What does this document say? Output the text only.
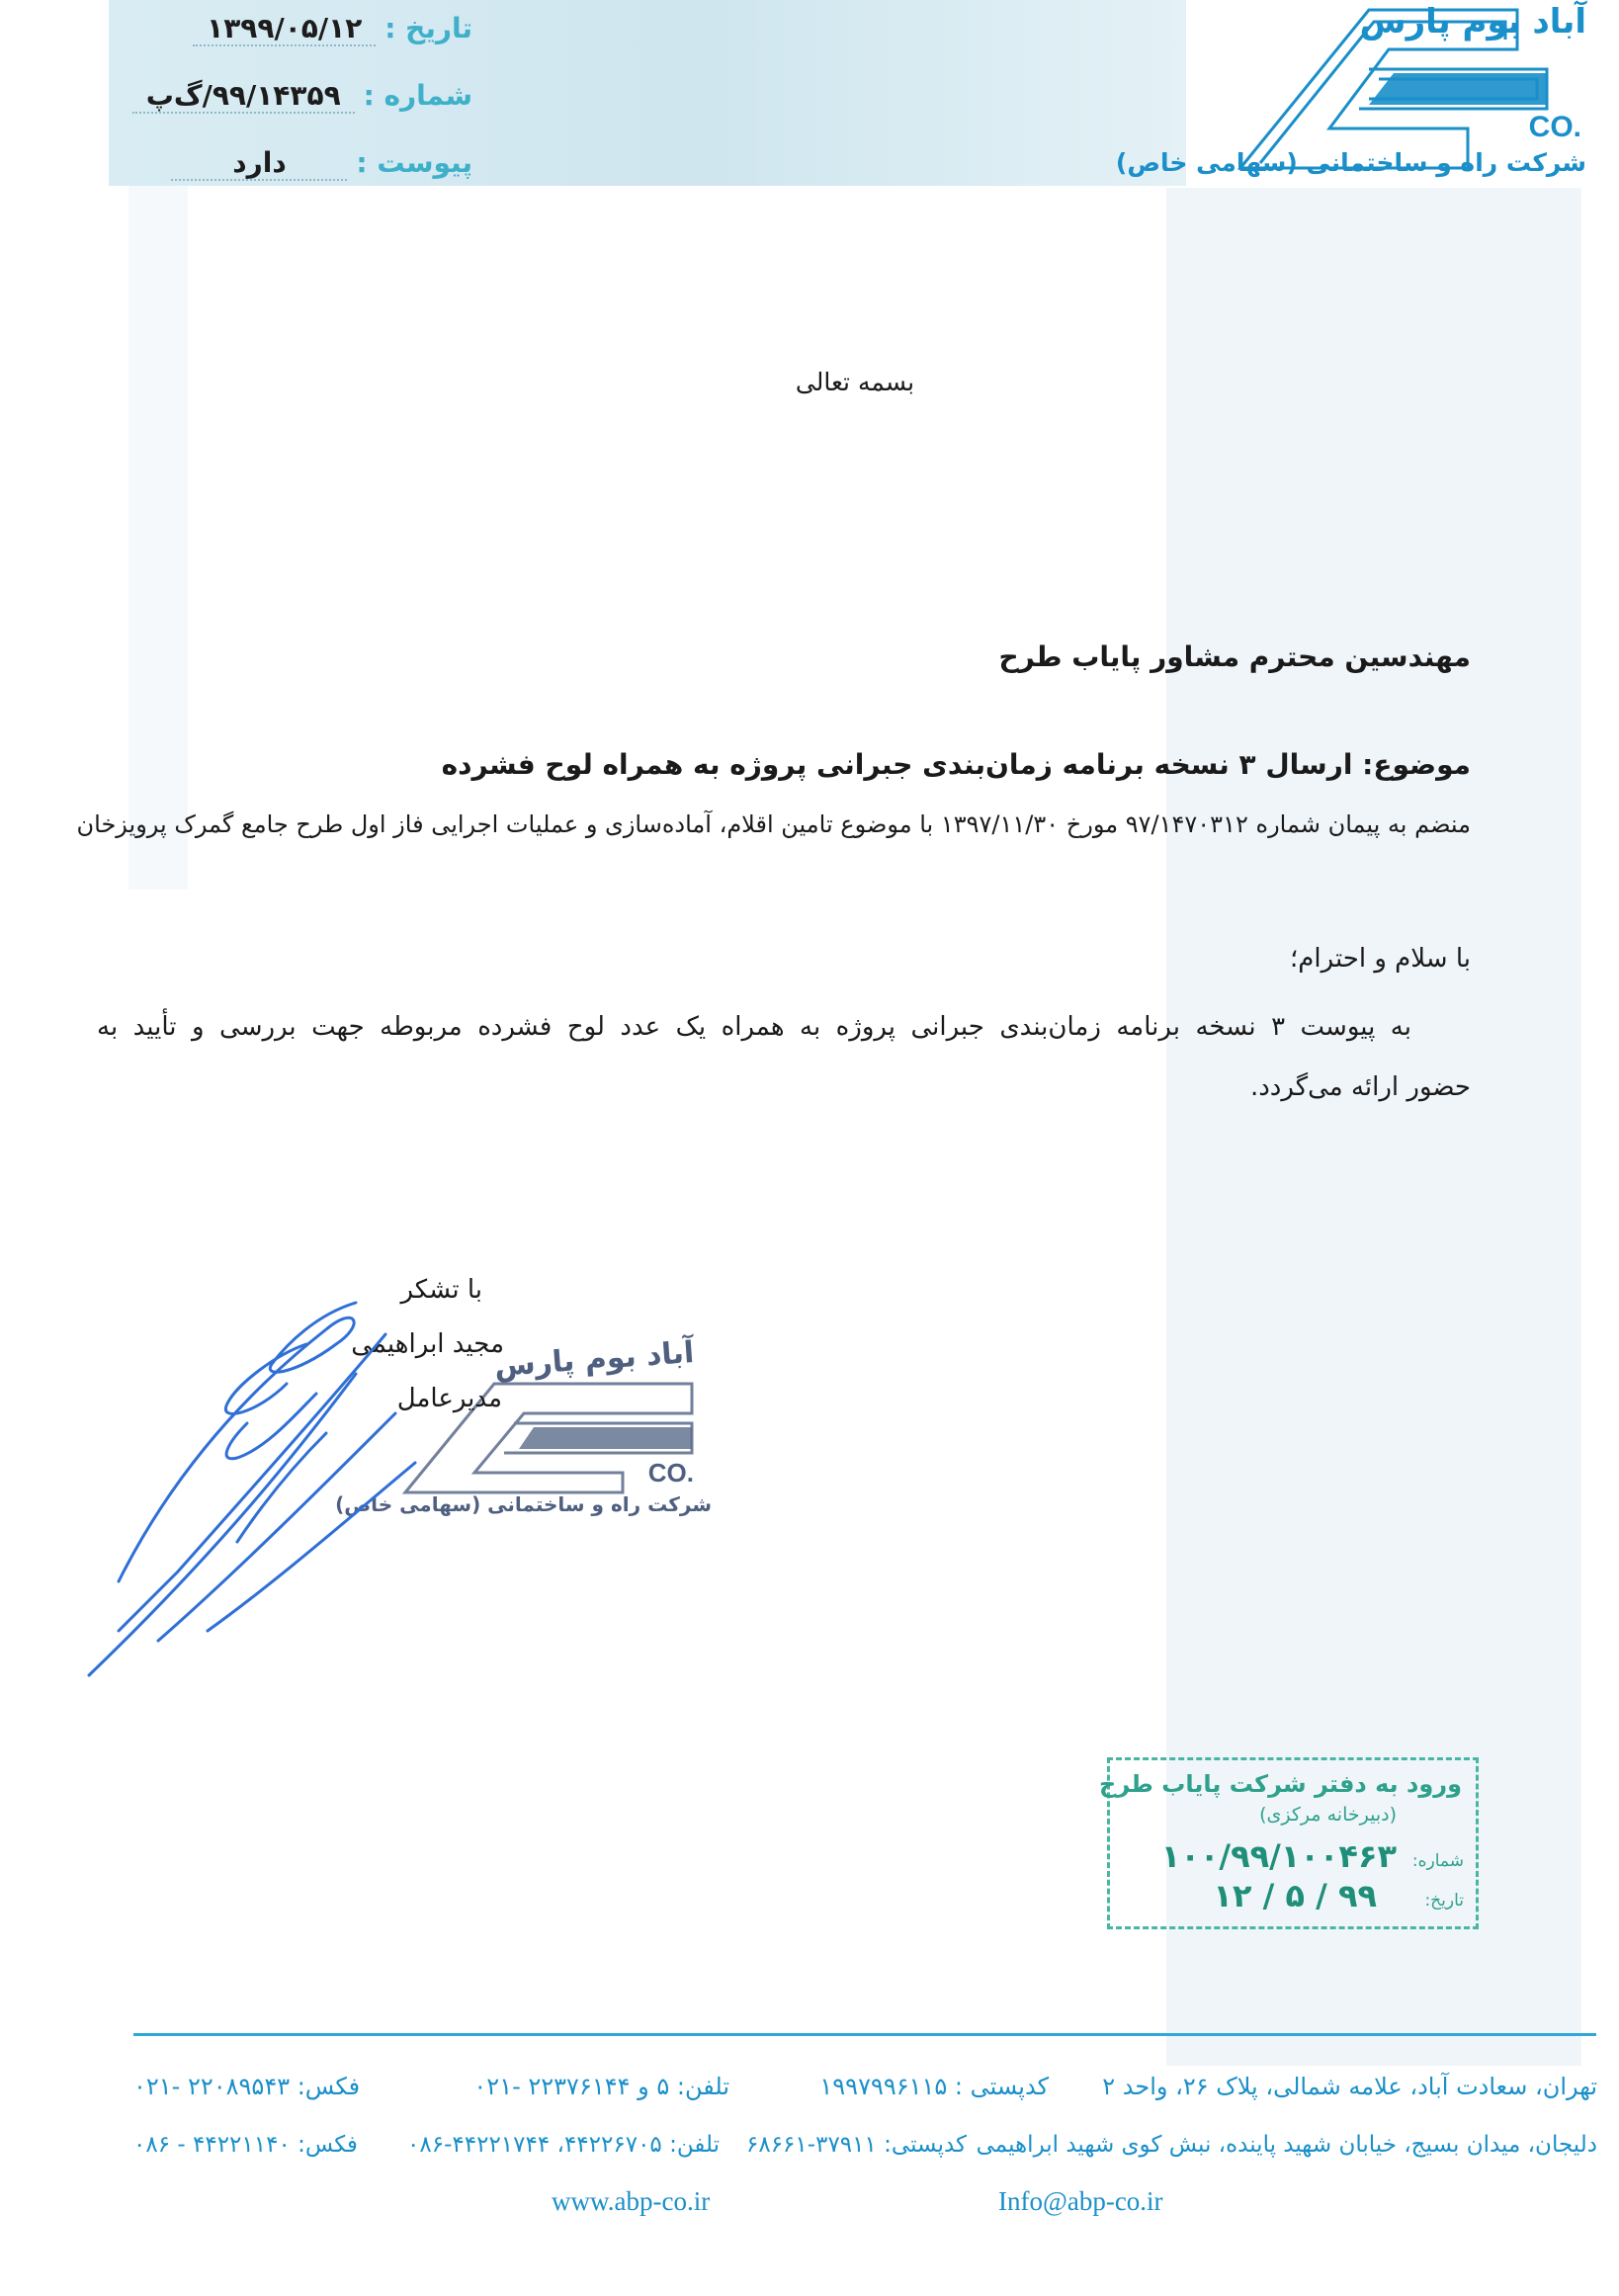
تاریخ : ۱۳۹۹/۰۵/۱۲
شماره : ۹۹/۱۴۳۵۹/گ‌پ
پیوست : دارد
آباد بوم پارس
CO.
شرکت راه و ساختمانی (سهامی خاص)
بسمه تعالی
مهندسین محترم مشاور پایاب طرح
موضوع: ارسال ۳ نسخه برنامه زمان‌بندی جبرانی پروژه به همراه لوح فشرده
منضم به پیمان شماره ۹۷/۱۴۷۰۳۱۲ مورخ ۱۳۹۷/۱۱/۳۰ با موضوع تامین اقلام، آماده‌سازی و عملیات اجرایی فاز اول طرح جامع گمرک پرویزخان
با سلام و احترام؛
به پیوست ۳ نسخه برنامه زمان‌بندی جبرانی پروژه به همراه یک عدد لوح فشرده مربوطه جهت بررسی و تأیید به
حضور ارائه می‌گردد.
با تشکر
مجید ابراهیمی
آباد بوم پارس
CO.
شرکت راه و ساختمانی (سهامی خاص)
مدیرعامل
ورود به دفتر شرکت پایاب طرح
(دبیرخانه مرکزی)
شماره:
۱۰۰/۹۹/۱۰۰۴۶۳
تاریخ:
۹۹ / ۵ / ۱۲
تهران، سعادت آباد، علامه شمالی، پلاک ۲۶، واحد ۲
کدپستی : ۱۹۹۷۹۹۶۱۱۵
تلفن: ۵ و ۲۲۳۷۶۱۴۴ -۰۲۱
فکس: ۲۲۰۸۹۵۴۳ -۰۲۱
دلیجان، میدان بسیج، خیابان شهید پاینده، نبش کوی شهید ابراهیمی
کدپستی: ۳۷۹۱۱-۶۸۶۶۱
تلفن: ۴۴۲۲۶۷۰۵، ۴۴۲۲۱۷۴۴-۰۸۶
فکس: ۴۴۲۲۱۱۴۰ - ۰۸۶
www.abp-co.ir	Info@abp-co.ir
